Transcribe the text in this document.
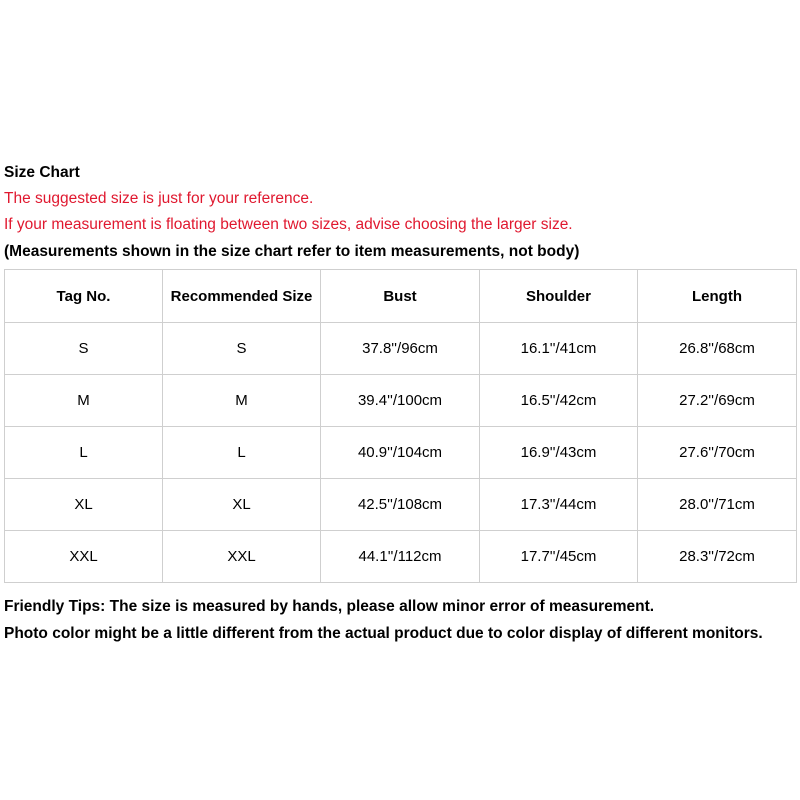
Size Chart
The suggested size is just for your reference.
If your measurement is floating between two sizes, advise choosing the larger size.
(Measurements shown in the size chart refer to item measurements, not body)
Tag No.	Recommended Size	Bust	Shoulder	Length
S	S	37.8''/96cm	16.1''/41cm	26.8''/68cm
M	M	39.4''/100cm	16.5''/42cm	27.2''/69cm
L	L	40.9''/104cm	16.9''/43cm	27.6''/70cm
XL	XL	42.5''/108cm	17.3''/44cm	28.0''/71cm
XXL	XXL	44.1''/112cm	17.7''/45cm	28.3''/72cm
Friendly Tips: The size is measured by hands, please allow minor error of measurement.
Photo color might be a little different from the actual product due to color display of different monitors.
